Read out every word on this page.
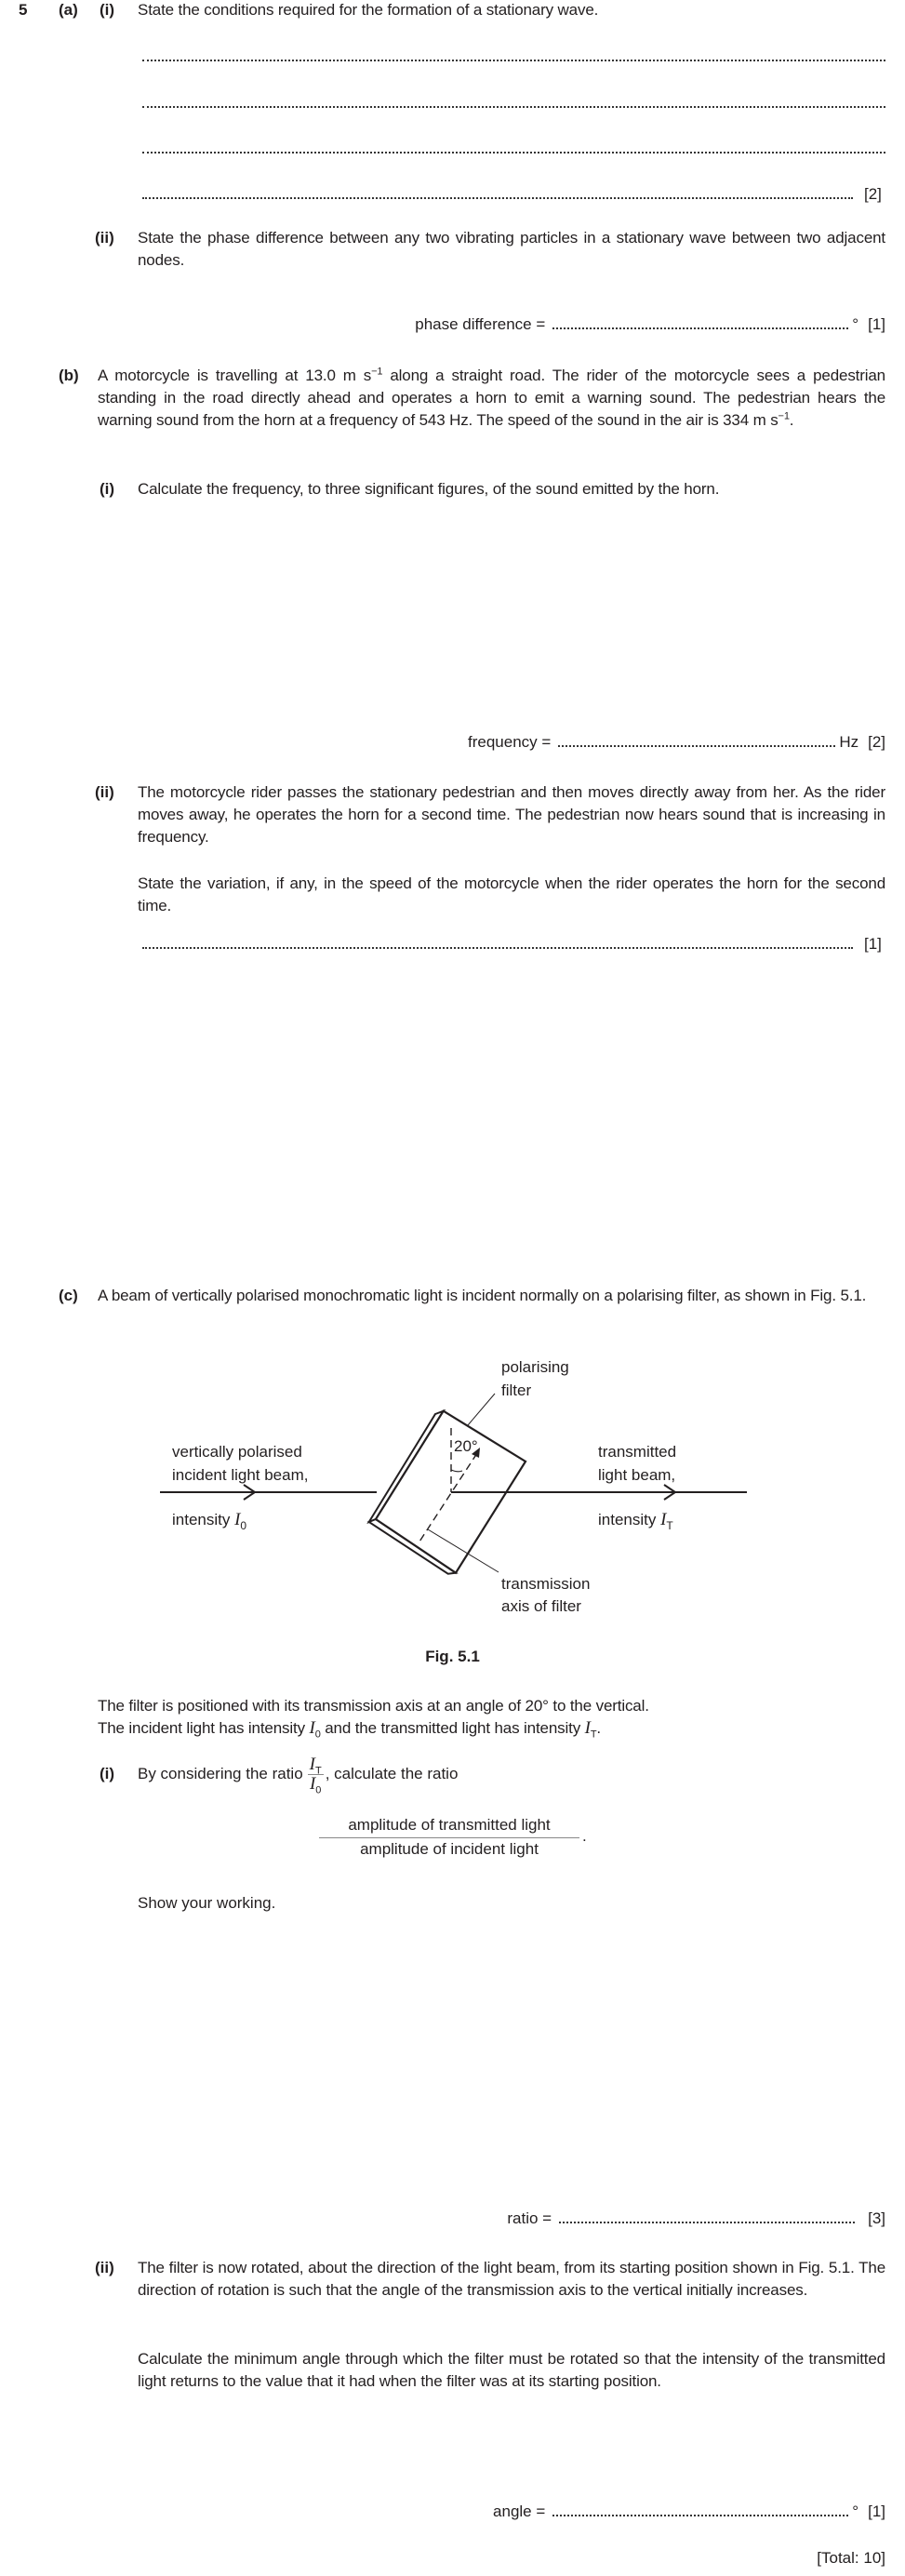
5 (a) (i) State the conditions required for the formation of a stationary wave.
[2]
(ii) State the phase difference between any two vibrating particles in a stationary wave between two adjacent nodes.
phase difference =	° [1]
(b) A motorcycle is travelling at 13.0 m $s^{-1}$ along a straight road. The rider of the motorcycle sees a pedestrian standing in the road directly ahead and operates a horn to emit a warning sound. The pedestrian hears the warning sound from the horn at a frequency of 543 Hz. The speed of the sound in the air is 334 m $s^{-1}$.
(i) Calculate the frequency, to three significant figures, of the sound emitted by the horn.
frequency =	Hz [2]
(ii) The motorcycle rider passes the stationary pedestrian and then moves directly away from her. As the rider moves away, he operates the horn for a second time. The pedestrian now hears sound that is increasing in frequency.
State the variation, if any, in the speed of the motorcycle when the rider operates the horn for the second time.
[1]
(c) A beam of vertically polarised monochromatic light is incident normally on a polarising filter, as shown in Fig. 5.1.
20°
polarising
filter
vertically polarised
incident light beam,
intensity $I_0$
transmitted
light beam,
intensity $I_T$
transmission
axis of filter
Fig. 5.1
The filter is positioned with its transmission axis at an angle of 20° to the vertical.
The incident light has intensity $I_0$ and the transmitted light has intensity $I_T$.
(i) By considering the ratio $\frac{I_T}{I_0}$ , calculate the ratio
amplitude of transmitted light
amplitude of incident light
.
Show your working.
ratio =	[3]
(ii) The filter is now rotated, about the direction of the light beam, from its starting position shown in Fig. 5.1. The direction of rotation is such that the angle of the transmission axis to the vertical initially increases.
Calculate the minimum angle through which the filter must be rotated so that the intensity of the transmitted light returns to the value that it had when the filter was at its starting position.
angle =	° [1]
[Total: 10]
